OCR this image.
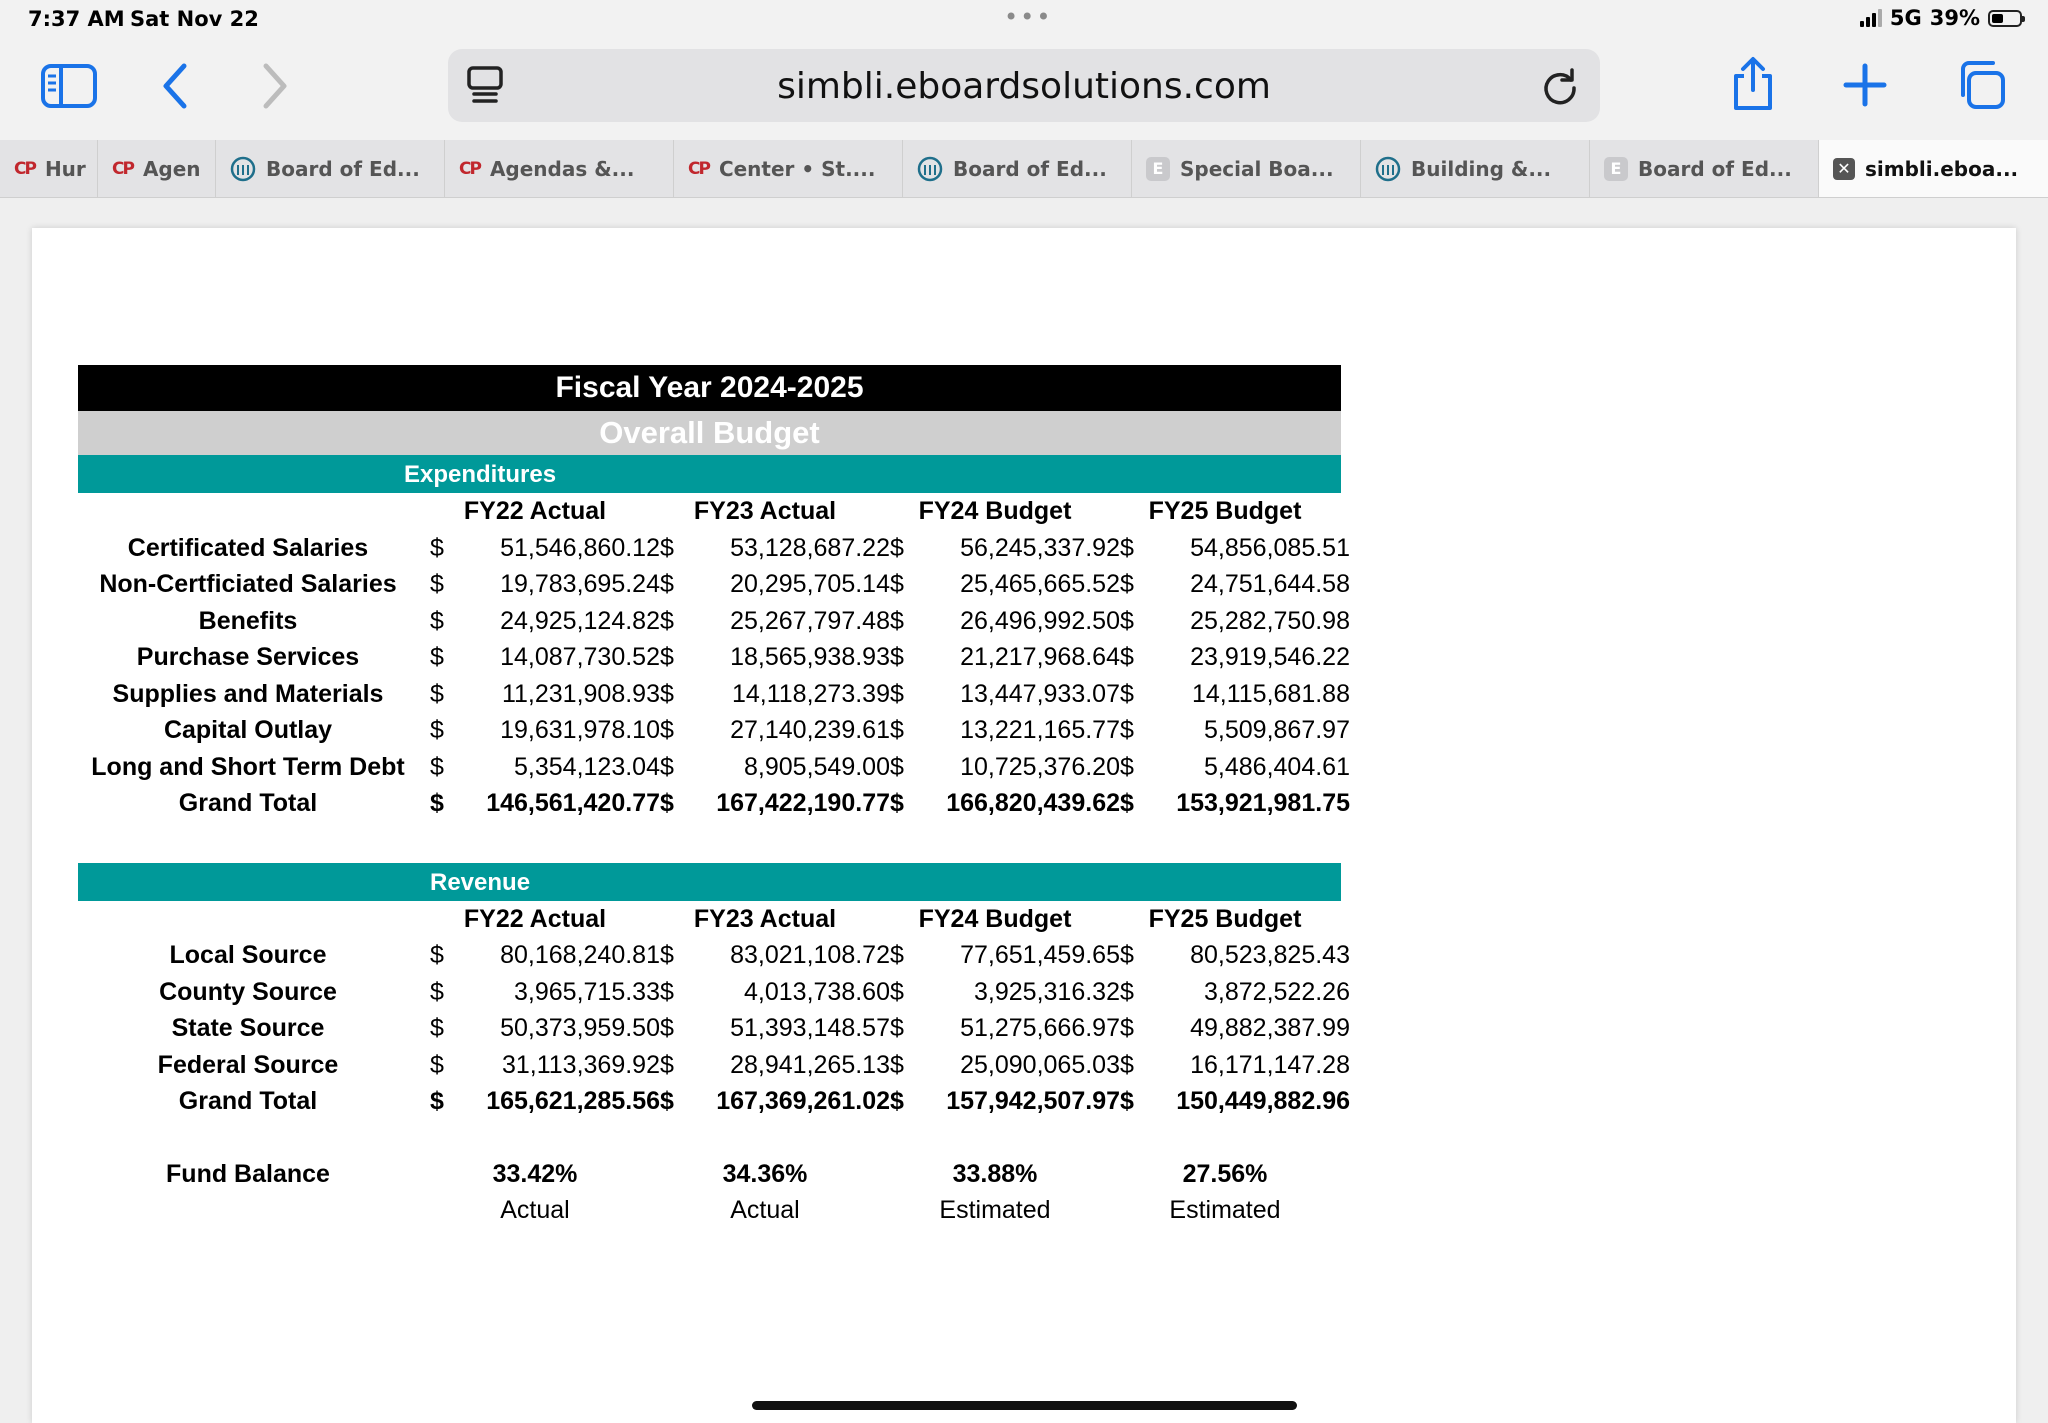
7:37 AM Sat Nov 22	•••	5G 39%
simbli.eboardsolutions.com
CP Hur CP Agen	Board of Ed... CP Agendas &...	CP Center • St....	Board of Ed...	E Special Boa...	Building &...	E Board of Ed...	✕ simbli.eboa...
Fiscal Year 2024-2025
Overall Budget
Expenditures
FY22 Actual	FY23 Actual	FY24 Budget	FY25 Budget
Certificated Salaries	$ 51,546,860.12 $ 53,128,687.22 $ 56,245,337.92 $ 54,856,085.51
Non-Certficiated Salaries	$ 19,783,695.24 $ 20,295,705.14 $ 25,465,665.52 $ 24,751,644.58
Benefits	$ 24,925,124.82 $ 25,267,797.48 $ 26,496,992.50 $ 25,282,750.98
Purchase Services	$ 14,087,730.52 $ 18,565,938.93 $ 21,217,968.64 $ 23,919,546.22
Supplies and Materials	$ 11,231,908.93 $ 14,118,273.39 $ 13,447,933.07 $ 14,115,681.88
Capital Outlay	$ 19,631,978.10 $ 27,140,239.61 $ 13,221,165.77 $	5,509,867.97
Long and Short Term Debt	$	5,354,123.04 $	8,905,549.00 $ 10,725,376.20 $	5,486,404.61
Grand Total	$ 146,561,420.77 $ 167,422,190.77 $ 166,820,439.62 $ 153,921,981.75
Revenue
FY22 Actual	FY23 Actual	FY24 Budget	FY25 Budget
Local Source	$ 80,168,240.81 $ 83,021,108.72 $ 77,651,459.65 $ 80,523,825.43
County Source	$	3,965,715.33 $	4,013,738.60 $	3,925,316.32 $	3,872,522.26
State Source	$ 50,373,959.50 $ 51,393,148.57 $ 51,275,666.97 $ 49,882,387.99
Federal Source	$ 31,113,369.92 $ 28,941,265.13 $ 25,090,065.03 $ 16,171,147.28
Grand Total	$ 165,621,285.56 $ 167,369,261.02 $ 157,942,507.97 $ 150,449,882.96
Fund Balance	33.42%	34.36%	33.88%	27.56%
Actual	Actual	Estimated	Estimated
